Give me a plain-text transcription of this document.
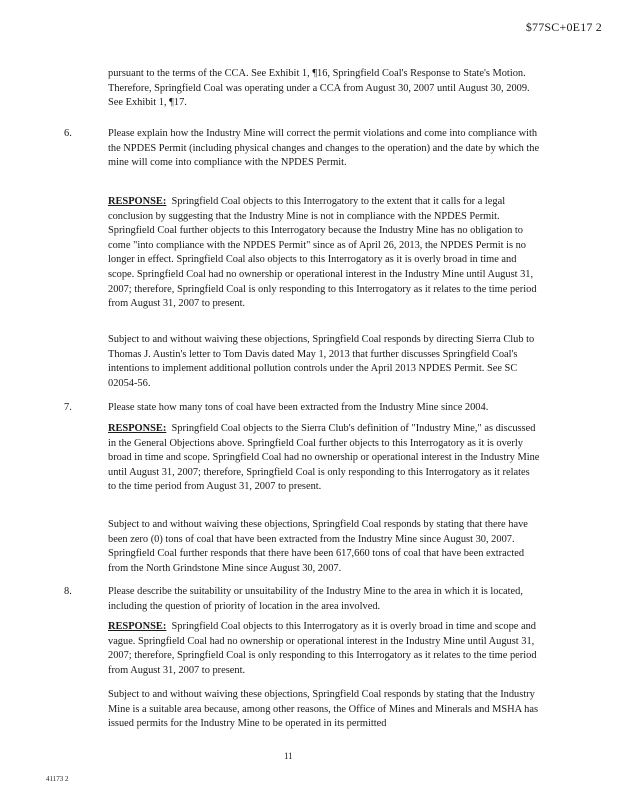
$77SC+0E17 2

pursuant to the terms of the CCA. See Exhibit 1, ¶16, Springfield Coal's Response to State's Motion. Therefore, Springfield Coal was operating under a CCA from August 30, 2007 until August 30, 2009. See Exhibit 1, ¶17.

6.	Please explain how the Industry Mine will correct the permit violations and come into compliance with the NPDES Permit (including physical changes and changes to the operation) and the date by which the mine will come into compliance with the NPDES Permit.

RESPONSE: Springfield Coal objects to this Interrogatory to the extent that it calls for a legal conclusion by suggesting that the Industry Mine is not in compliance with the NPDES Permit. Springfield Coal further objects to this Interrogatory because the Industry Mine has no obligation to come "into compliance with the NPDES Permit" since as of April 26, 2013, the NPDES Permit is no longer in effect. Springfield Coal also objects to this Interrogatory as it is overly broad in time and scope. Springfield Coal had no ownership or operational interest in the Industry Mine until August 31, 2007; therefore, Springfield Coal is only responding to this Interrogatory as it relates to the time period from August 31, 2007 to present.

Subject to and without waiving these objections, Springfield Coal responds by directing Sierra Club to Thomas J. Austin's letter to Tom Davis dated May 1, 2013 that further discusses Springfield Coal's intentions to implement additional pollution controls under the April 2013 NPDES Permit. See SC 02054-56.

7.	Please state how many tons of coal have been extracted from the Industry Mine since 2004.

RESPONSE: Springfield Coal objects to the Sierra Club's definition of "Industry Mine," as discussed in the General Objections above. Springfield Coal further objects to this Interrogatory as it is overly broad in time and scope. Springfield Coal had no ownership or operational interest in the Industry Mine until August 31, 2007; therefore, Springfield Coal is only responding to this Interrogatory as it relates to the time period from August 31, 2007 to present.

Subject to and without waiving these objections, Springfield Coal responds by stating that there have been zero (0) tons of coal that have been extracted from the Industry Mine since August 30, 2007. Springfield Coal further responds that there have been 617,660 tons of coal that have been extracted from the North Grindstone Mine since August 30, 2007.

8.	Please describe the suitability or unsuitability of the Industry Mine to the area in which it is located, including the question of priority of location in the area involved.

RESPONSE: Springfield Coal objects to this Interrogatory as it is overly broad in time and scope and vague. Springfield Coal had no ownership or operational interest in the Industry Mine until August 31, 2007; therefore, Springfield Coal is only responding to this Interrogatory as it relates to the time period from August 31, 2007 to present.

Subject to and without waiving these objections, Springfield Coal responds by stating that the Industry Mine is a suitable area because, among other reasons, the Office of Mines and Minerals and MSHA has issued permits for the Industry Mine to be operated in its permitted

11
41173 2
